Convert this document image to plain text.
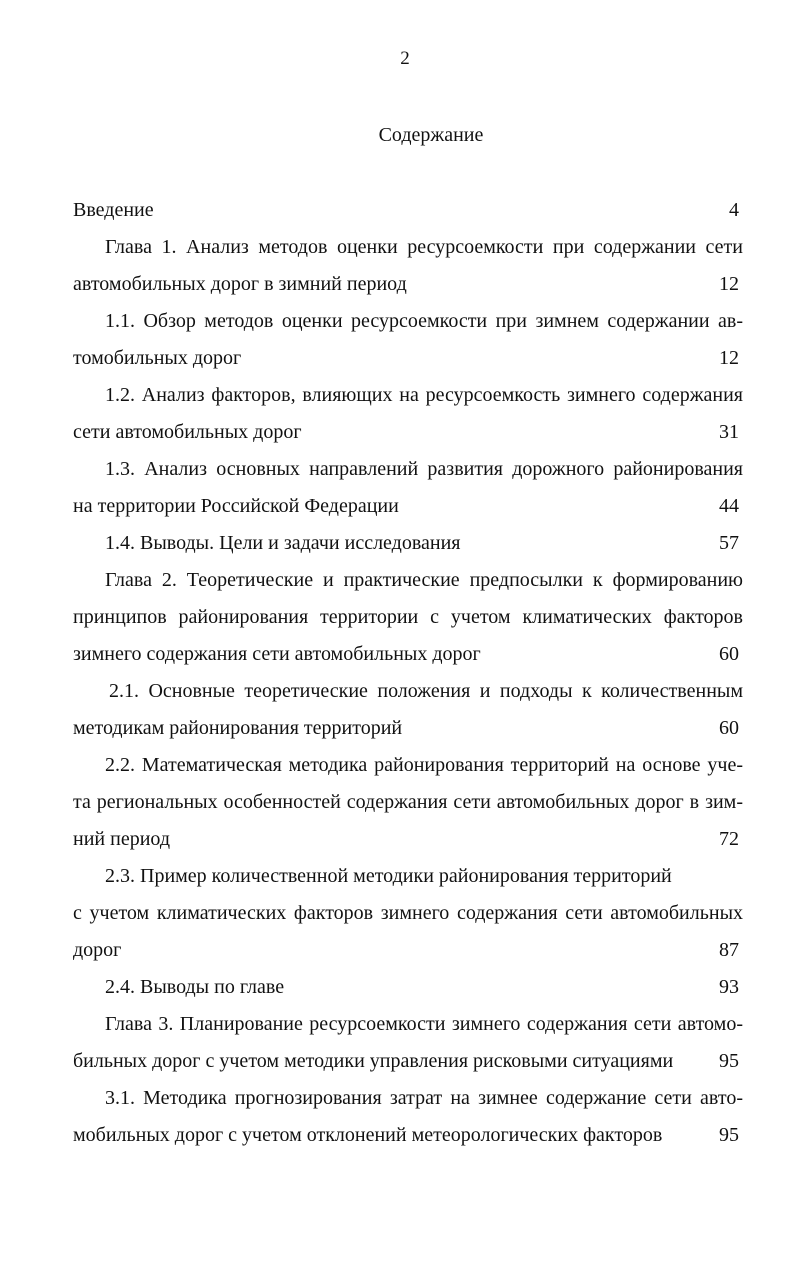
2
Содержание
Введение	4
Глава 1. Анализ методов оценки ресурсоемкости при содержании сети
автомобильных дорог в зимний период	12
1.1. Обзор методов оценки ресурсоемкости при зимнем содержании ав-
томобильных дорог	12
1.2. Анализ факторов, влияющих на ресурсоемкость зимнего содержания
сети автомобильных дорог	31
1.3. Анализ основных направлений развития дорожного районирования
на территории Российской Федерации	44
1.4. Выводы. Цели и задачи исследования	57
Глава 2. Теоретические и практические предпосылки к формированию
принципов районирования территории с учетом климатических факторов
зимнего содержания сети автомобильных дорог	60
2.1. Основные теоретические положения и подходы к количественным
методикам районирования территорий	60
2.2. Математическая методика районирования территорий на основе уче-
та региональных особенностей содержания сети автомобильных дорог в зим-
ний период	72
2.3. Пример количественной методики районирования территорий
с учетом климатических факторов зимнего содержания сети автомобильных
дорог	87
2.4. Выводы по главе	93
Глава 3. Планирование ресурсоемкости зимнего содержания сети автомо-
бильных дорог с учетом методики управления рисковыми ситуациями	95
3.1. Методика прогнозирования затрат на зимнее содержание сети авто-
мобильных дорог с учетом отклонений метеорологических факторов	95
